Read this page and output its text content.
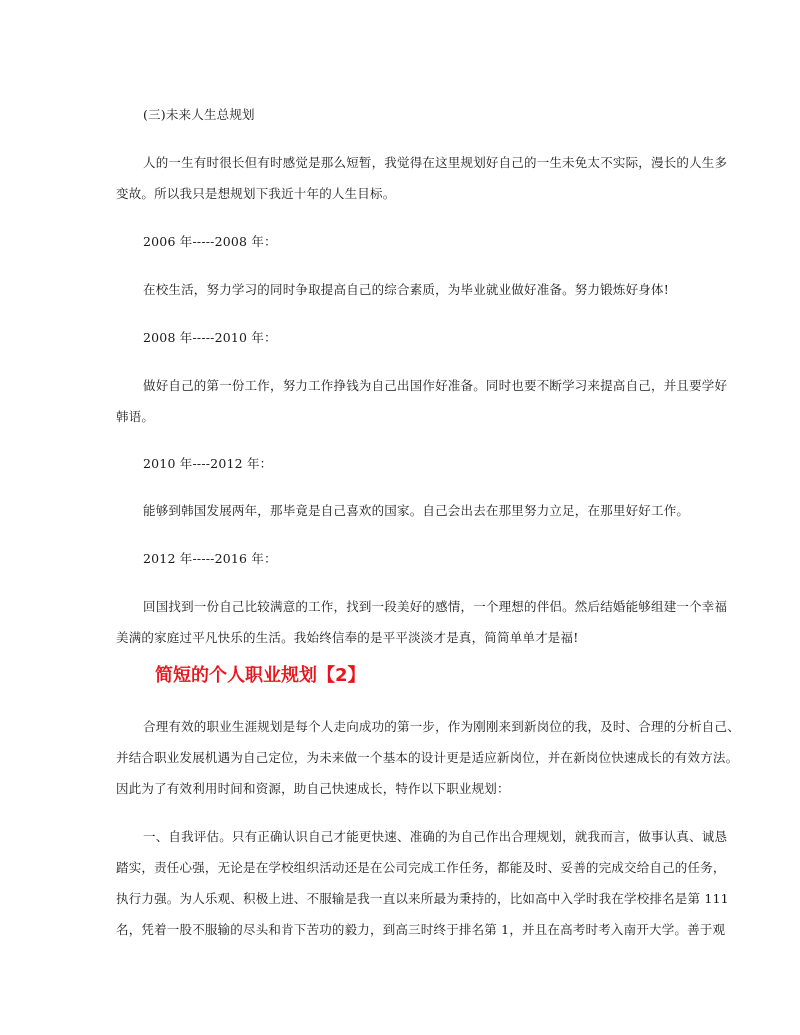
(三)未来人生总规划
人的一生有时很长但有时感觉是那么短暂，我觉得在这里规划好自己的一生未免太不实际，漫长的人生多
变故。所以我只是想规划下我近十年的人生目标。
2006 年-----2008 年：
在校生活，努力学习的同时争取提高自己的综合素质，为毕业就业做好准备。努力锻炼好身体!
2008 年-----2010 年：
做好自己的第一份工作，努力工作挣钱为自己出国作好准备。同时也要不断学习来提高自己，并且要学好
韩语。
2010 年----2012 年：
能够到韩国发展两年，那毕竟是自己喜欢的国家。自己会出去在那里努力立足，在那里好好工作。
2012 年-----2016 年：
回国找到一份自己比较满意的工作，找到一段美好的感情，一个理想的伴侣。然后结婚能够组建一个幸福
美满的家庭过平凡快乐的生活。我始终信奉的是平平淡淡才是真，简简单单才是福!
简短的个人职业规划【2】
合理有效的职业生涯规划是每个人走向成功的第一步，作为刚刚来到新岗位的我，及时、合理的分析自己、
并结合职业发展机遇为自己定位，为未来做一个基本的设计更是适应新岗位，并在新岗位快速成长的有效方法。
因此为了有效利用时间和资源，助自己快速成长，特作以下职业规划：
一、自我评估。只有正确认识自己才能更快速、准确的为自己作出合理规划，就我而言，做事认真、诚恳
踏实，责任心强，无论是在学校组织活动还是在公司完成工作任务，都能及时、妥善的完成交给自己的任务，
执行力强。为人乐观、积极上进、不服输是我一直以来所最为秉持的，比如高中入学时我在学校排名是第 111
名，凭着一股不服输的尽头和肯下苦功的毅力，到高三时终于排名第 1，并且在高考时考入南开大学。善于观
